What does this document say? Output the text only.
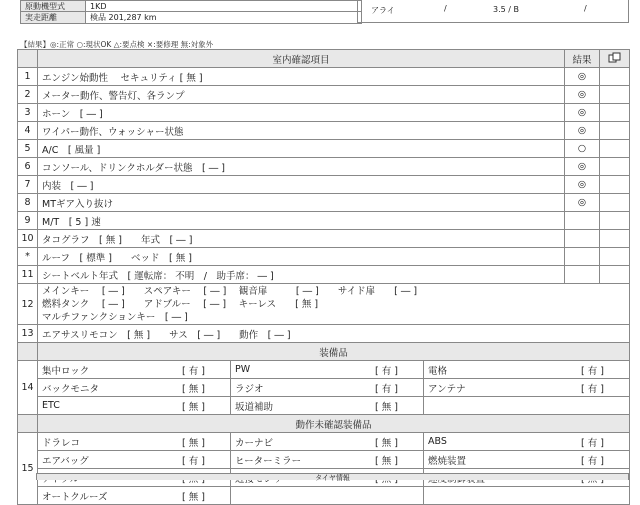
原動機型式	1KD
実走距離	検品 201,287 km
アライ	/	3.5 / B	/
【結果】◎:正常 ○:現状OK △:要点検 ×:要修理 無:対象外
	室内確認項目			結果	
1	エンジン始動性　 セキュリティ [ 無 ]			◎	
2	メーター動作、警告灯、各ランプ			◎	
3	ホーン　[ ― ]			◎	
4	ワイパー動作、ウォッシャー状態			◎	
5	A/C　[ 風量 ]			○	
6	コンソール、ドリンクホルダー状態　[ ― ]			◎	
7	内装　[ ― ]			◎	
8	MTギア入り抜け			◎	
9	M/T　[ 5 ] 速				
10	タコグラフ　[ 無 ]　　年式　[ ― ]				
*	ルーフ　[ 標準 ]　　ベッド　[ 無 ]				
11	シートベルト年式　[ 運転席： 不明　/　助手席： ― ]				
12	メインキー　 [ ― ]　　スペアキー　 [ ― ]　 観音扉　　　[ ― ]　　サイド扉　　[ ― ]
燃料タンク　 [ ― ]　　アドブルー　 [ ― ]　 キーレス　　[ 無 ]
マルチファンクションキー　[ ― ]				

13	エアサスリモコン　[ 無 ]　　サス　[ ― ]　　動作　[ ― ]				
	装備品				
14	集中ロック [ 有 ]	PW [ 有 ]	電格 [ 有 ]		

	バックモニタ [ 無 ]	ラジオ [ 有 ]	アンテナ [ 有 ]		

	ETC [ 無 ]	坂道補助 [ 無 ]			

	動作未確認装備品				
15	ドラレコ [ 無 ]	カーナビ [ 無 ]	ABS [ 有 ]		

	エアバッグ [ 有 ]	ヒーターミラー [ 無 ]	燃焼装置 [ 有 ]		

	オートクルーズ [ 無 ]				

タイヤ情報
